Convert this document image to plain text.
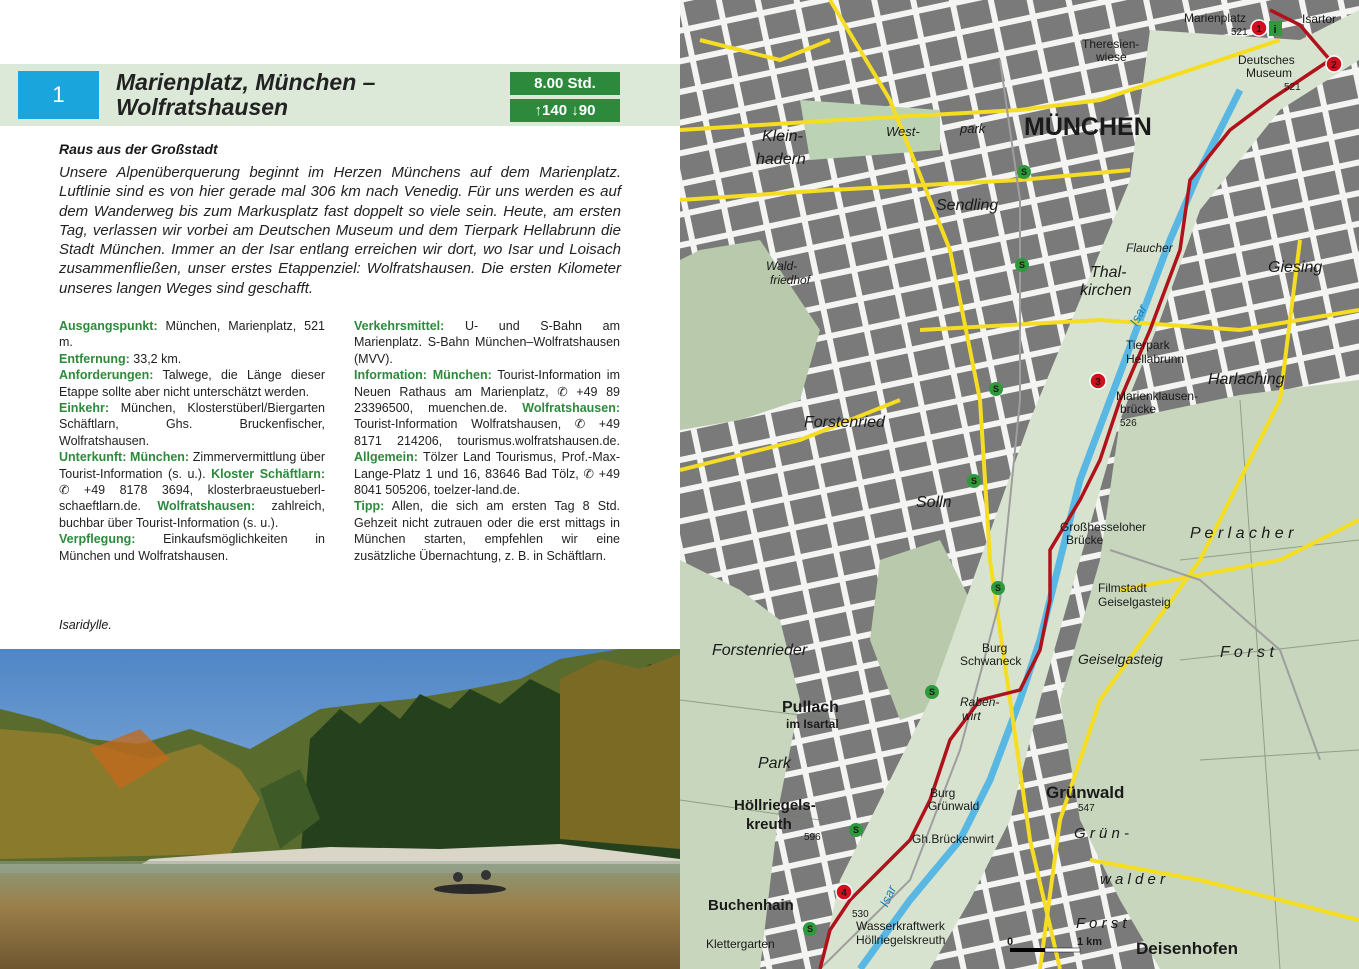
1	Marienplatz, München –
Wolfratshausen
8.00 Std.
↑140 ↓90
Raus aus der Großstadt
Unsere Alpenüberquerung beginnt im Herzen Münchens auf dem Marienplatz. Luftlinie sind es von hier gerade mal 306 km nach Venedig. Für uns werden es auf dem Wanderweg bis zum Markusplatz fast doppelt so viele sein. Heute, am ersten Tag, verlassen wir vorbei am Deutschen Museum und dem Tierpark Hellabrunn die Stadt München. Immer an der Isar entlang erreichen wir dort, wo Isar und Loisach zusammenfließen, unser erstes Etappenziel: Wolfratshausen. Die ersten Kilometer unseres langen Weges sind geschafft.

Ausgangspunkt: München, Marienplatz, 521 m.

Entfernung: 33,2 km.

Anforderungen: Talwege, die Länge dieser Etappe sollte aber nicht unterschätzt werden.

Einkehr: München, Klosterstüberl/Biergarten Schäftlarn, Ghs. Bruckenfischer, Wolfratshausen.

Unterkunft: München: Zimmervermittlung über Tourist-Information (s. u.). Kloster Schäftlarn: ✆ +49 8178 3694, klosterbraeustueberl-schaeftlarn.de. Wolfratshausen: zahlreich, buchbar über Tourist-Information (s. u.).

Verpflegung: Einkaufsmöglichkeiten in München und Wolfratshausen.

Verkehrsmittel: U- und S-Bahn am Marienplatz. S-Bahn München–Wolfratshausen (MVV).

Information: München: Tourist-Information im Neuen Rathaus am Marienplatz, ✆ +49 89 23396500, muenchen.de. Wolfratshausen: Tourist-Information Wolfratshausen, ✆ +49 8171 214206, tourismus.wolfratshausen.de. Allgemein: Tölzer Land Tourismus, Prof.-Max-Lange-Platz 1 und 16, 83646 Bad Tölz, ✆ +49 8041 505206, toelzer-land.de.

Tipp: Allen, die sich am ersten Tag 8 Std. Gehzeit nicht zutrauen oder die erst mittags in München starten, empfehlen wir eine zusätzliche Übernachtung, z. B. in Schäftlarn.

Isaridylle.
1
2
3
4
i
S
S
S
S
S
S
S
S
Marienplatz
521
Isartor
Theresien-
wiese	Deutsches
Museum
521
West-	park MÜNCHEN
Klein-
hadern
Sendling
Wald-
friedhof
Flaucher
Giesing
Thal-
kirchen
Isar
Tierpark
Hellabrunn
Harlaching
Marienklausen-
brücke
526
Forstenried
Solln
P e r l a c h e r
Großhesseloher
Brücke
Filmstadt
Geiselgasteig
Forstenrieder	F o r s t
Burg
Schwaneck	Geiselgasteig
Pullach
im Isartal
Raben-
wirt
Park
Burg
Grünwald
Grünwald
547
Höllriegels-
kreuth
596	Gh.Brückenwirt	G r ü n -
w a l d e r
F o r s t
Buchenhain
530
Isar
Wasserkraftwerk
Höllriegelskreuth
Klettergarten	Deisenhofen
0	1 km
